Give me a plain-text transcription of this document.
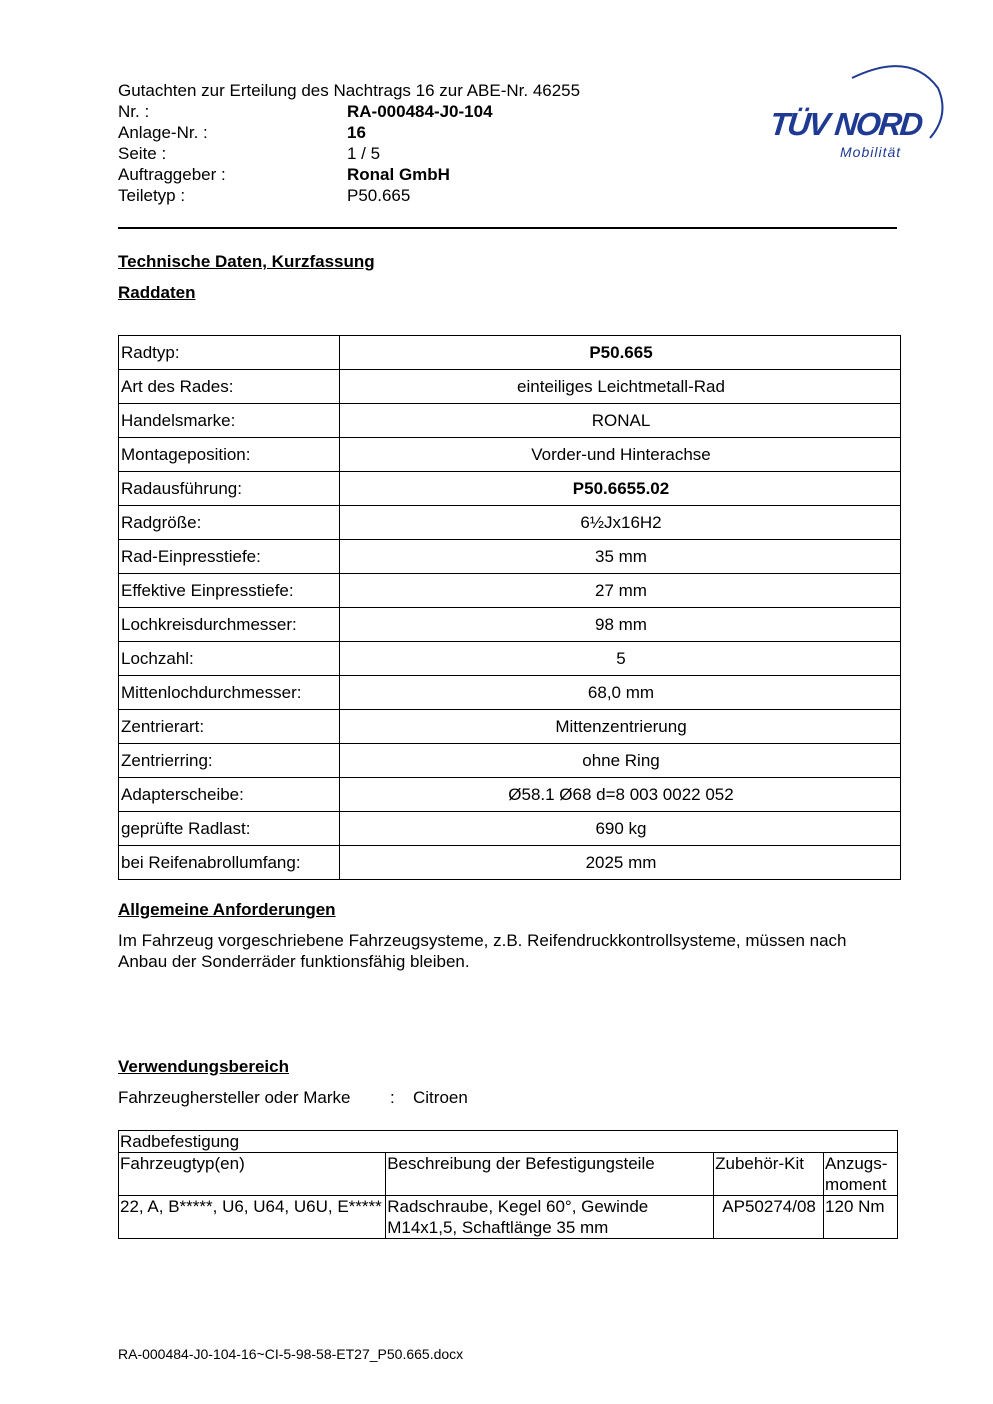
Gutachten zur Erteilung des Nachtrags 16 zur ABE-Nr. 46255
Nr. :	RA-000484-J0-104
Anlage-Nr. :	16
Seite :	1 / 5
Auftraggeber :	Ronal GmbH
Teiletyp :	P50.665
TÜV NORD
Mobilität
Technische Daten, Kurzfassung
Raddaten
Radtyp:	P50.665
Art des Rades:	einteiliges Leichtmetall-Rad
Handelsmarke:	RONAL
Montageposition:	Vorder-und Hinterachse
Radausführung:	P50.6655.02
Radgröße:	6½Jx16H2
Rad-Einpresstiefe:	35 mm
Effektive Einpresstiefe:	27 mm
Lochkreisdurchmesser:	98 mm
Lochzahl:	5
Mittenlochdurchmesser:	68,0 mm
Zentrierart:	Mittenzentrierung
Zentrierring:	ohne Ring
Adapterscheibe:	Ø58.1 Ø68 d=8 003 0022 052
geprüfte Radlast:	690 kg
bei Reifenabrollumfang:	2025 mm
Allgemeine Anforderungen
Im Fahrzeug vorgeschriebene Fahrzeugsysteme, z.B. Reifendruckkontrollsysteme, müssen nach Anbau der Sonderräder funktionsfähig bleiben.
Verwendungsbereich
Fahrzeughersteller oder Marke	:	Citroen
Radbefestigung			
Fahrzeugtyp(en)	Beschreibung der Befestigungsteile	Zubehör-Kit	Anzugs-moment
22, A, B*****, U6, U64, U6U, E*****	Radschraube, Kegel 60°, Gewinde M14x1,5, Schaftlänge 35 mm	AP50274/08	120 Nm
RA-000484-J0-104-16~CI-5-98-58-ET27_P50.665.docx
